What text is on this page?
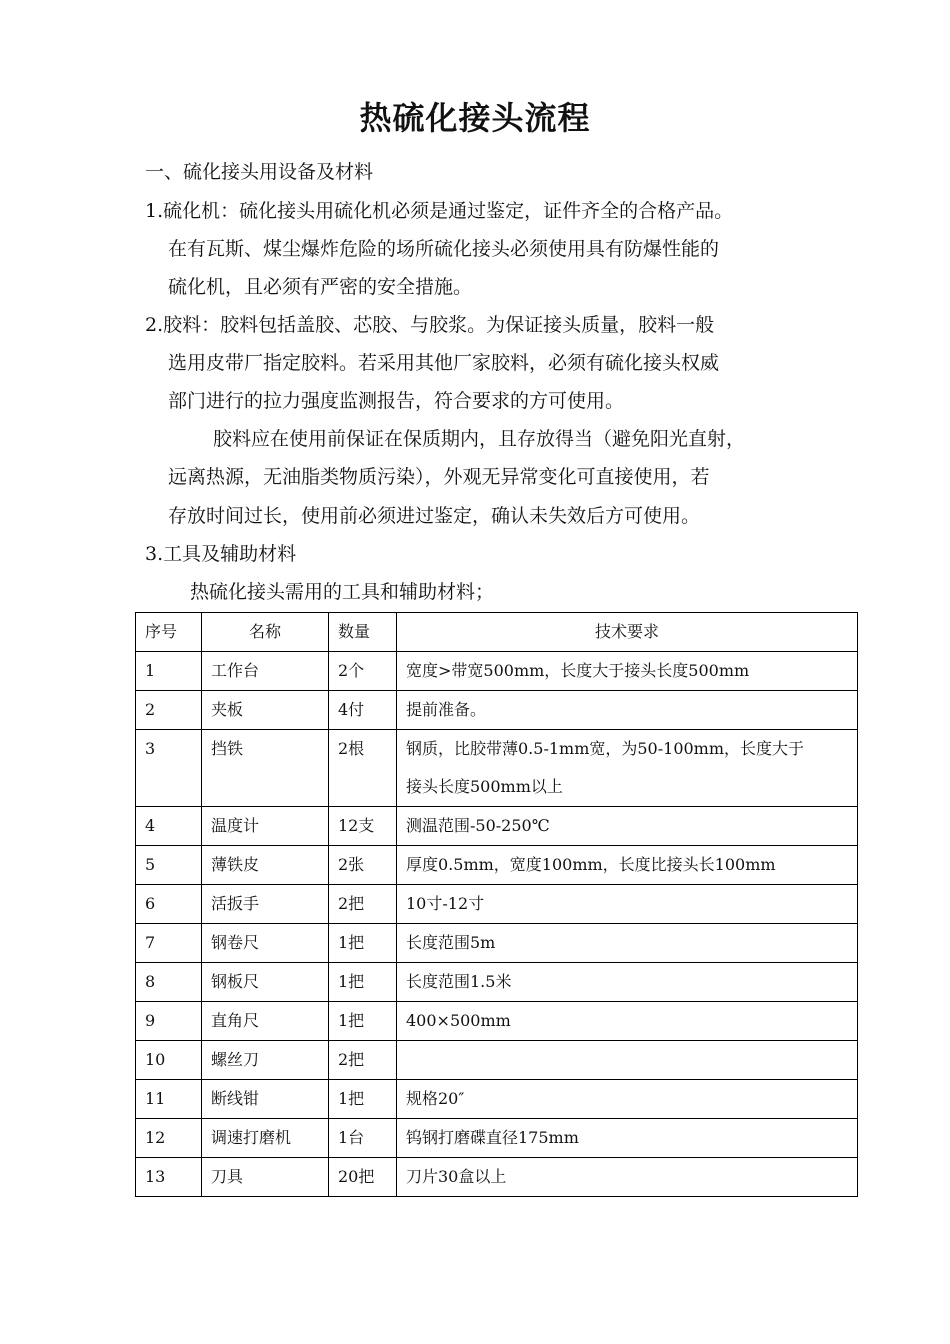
热硫化接头流程
一、硫化接头用设备及材料
1.硫化机：硫化接头用硫化机必须是通过鉴定，证件齐全的合格产品。
在有瓦斯、煤尘爆炸危险的场所硫化接头必须使用具有防爆性能的
硫化机，且必须有严密的安全措施。
2.胶料：胶料包括盖胶、芯胶、与胶浆。为保证接头质量，胶料一般
选用皮带厂指定胶料。若采用其他厂家胶料，必须有硫化接头权威
部门进行的拉力强度监测报告，符合要求的方可使用。
胶料应在使用前保证在保质期内，且存放得当（避免阳光直射，
远离热源，无油脂类物质污染），外观无异常变化可直接使用，若
存放时间过长，使用前必须进过鉴定，确认未失效后方可使用。
3.工具及辅助材料
热硫化接头需用的工具和辅助材料；
序号	名称	数量	技术要求
1	工作台	2个	宽度>带宽500mm，长度大于接头长度500mm
2	夹板	4付	提前准备。
3	挡铁	2根	钢质，比胶带薄0.5-1mm宽，为50-100mm，长度大于
接头长度500mm以上

4	温度计	12支	测温范围-50-250℃
5	薄铁皮	2张	厚度0.5mm，宽度100mm，长度比接头长100mm
6	活扳手	2把	10寸-12寸
7	钢卷尺	1把	长度范围5m
8	钢板尺	1把	长度范围1.5米
9	直角尺	1把	400×500mm
10	螺丝刀	2把	
11	断线钳	1把	规格20″
12	调速打磨机	1台	钨钢打磨碟直径175mm
13	刀具	20把	刀片30盒以上
